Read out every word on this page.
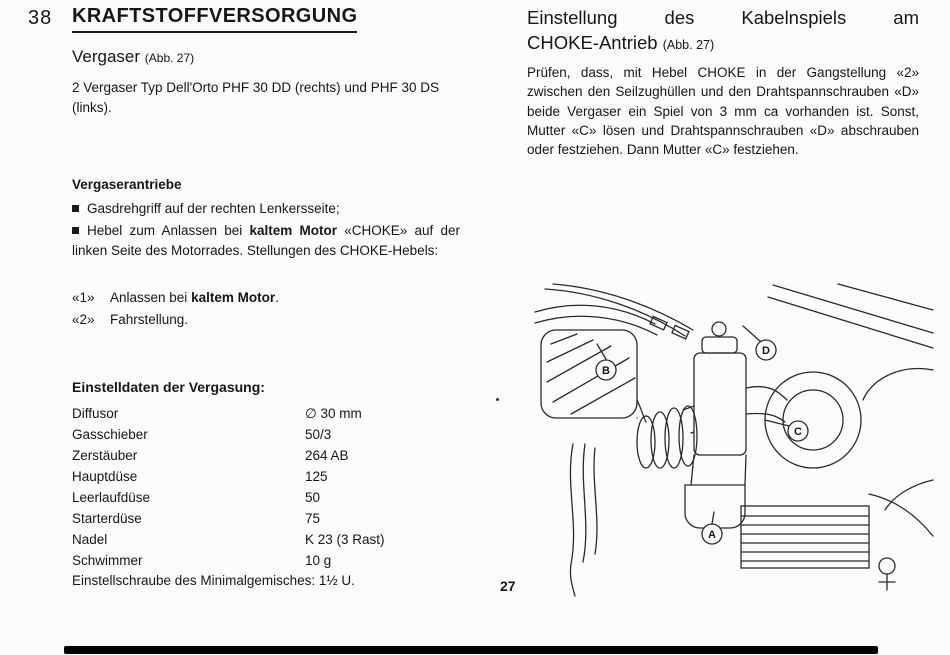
38 KRAFTSTOFFVERSORGUNG
Vergaser (Abb. 27)

2 Vergaser Typ Dell'Orto PHF 30 DD (rechts) und PHF 30 DS (links).

Vergaserantriebe

Gasdrehgriff auf der rechten Lenkersseite;

Hebel zum Anlassen bei kaltem Motor «CHOKE» auf der linken Seite des Motorrades. Stellungen des CHOKE-Hebels:

«1» Anlassen bei kaltem Motor.
«2» Fahrstellung.
Einstelldaten der Vergasung:
Diffusor	∅ 30 mm
Gasschieber	50/3
Zerstäuber	264 AB
Hauptdüse	125
Leerlaufdüse	50
Starterdüse	75
Nadel	K 23 (3 Rast)
Schwimmer	10 g
Einstellschraube des Minimalgemisches: 1½ U.
Einstellung des Kabelnspiels am
CHOKE-Antrieb (Abb. 27)

Prüfen, dass, mit Hebel CHOKE in der Gangstellung «2» zwischen den Seilzughüllen und den Drahtspannschrauben «D» beide Vergaser ein Spiel von 3 mm ca vorhanden ist. Sonst, Mutter «C» lösen und Drahtspannschrauben «D» abschrauben oder festziehen. Dann Mutter «C» festziehen.

B
D
C
A
27
